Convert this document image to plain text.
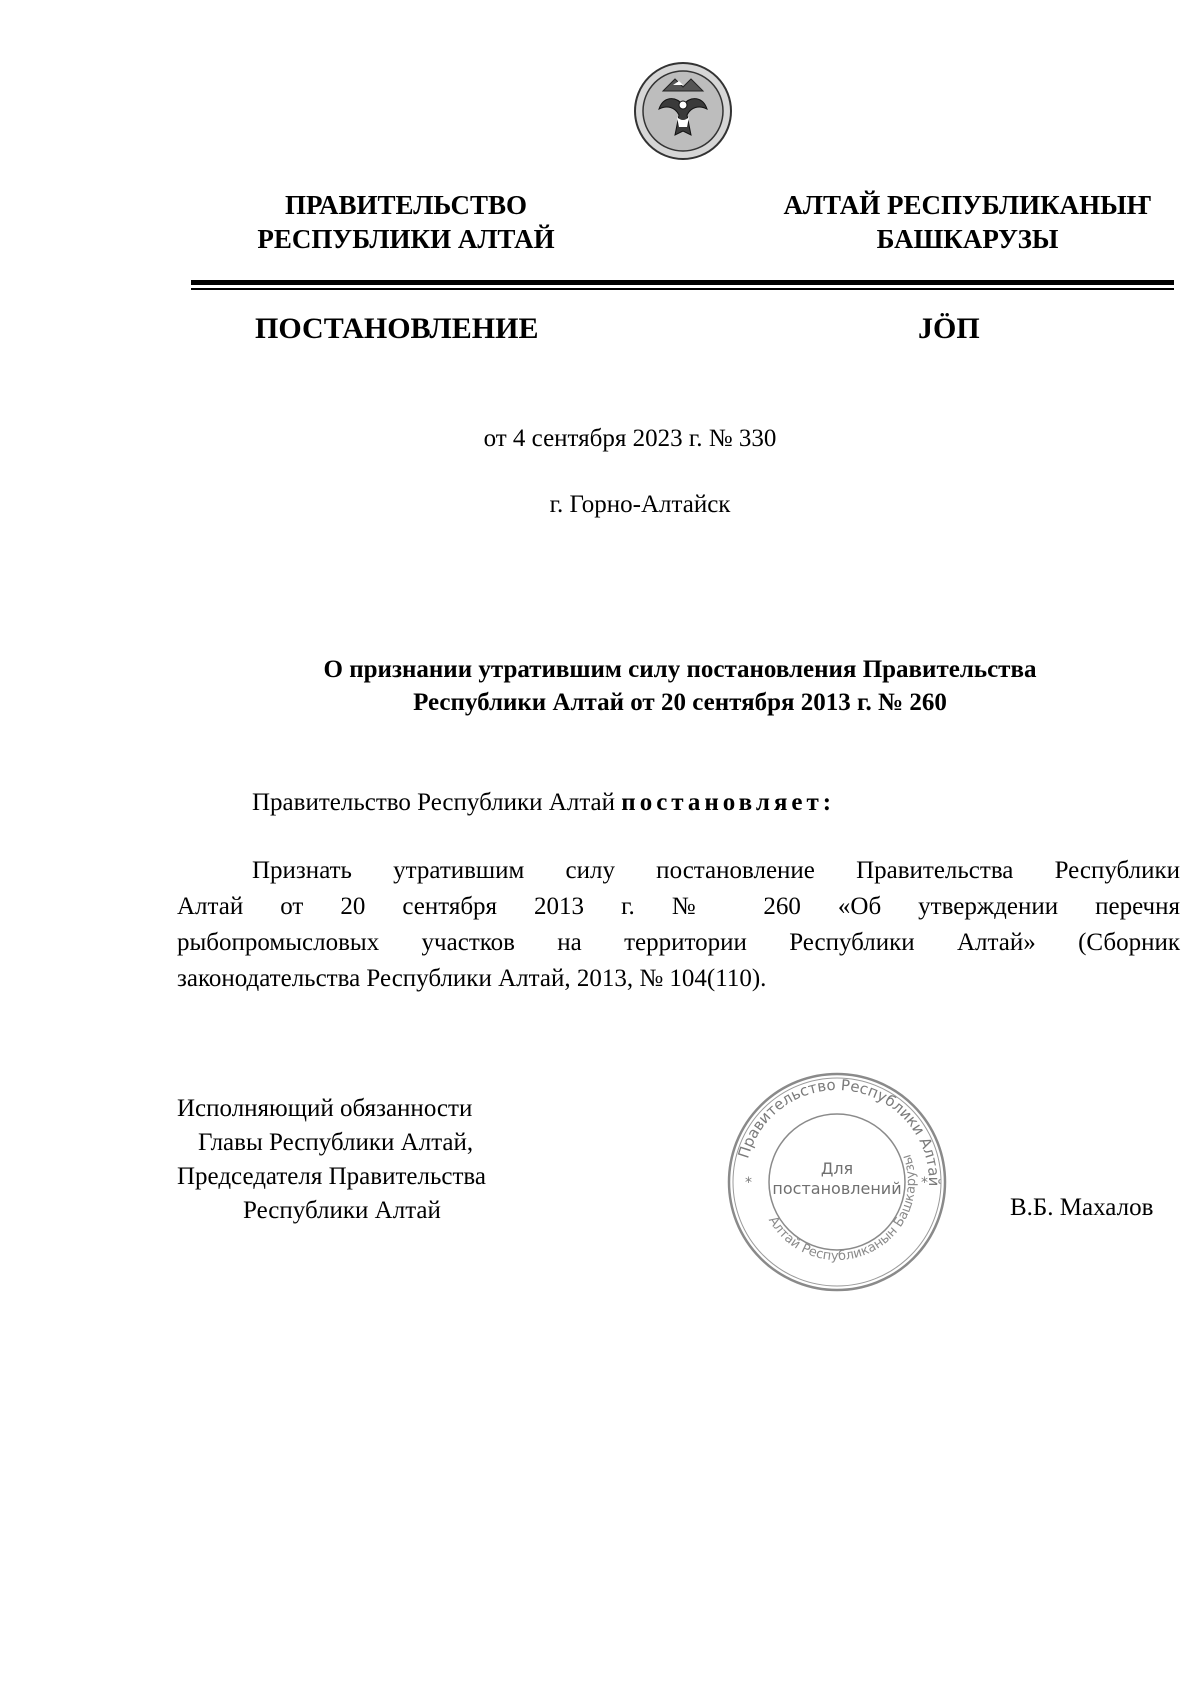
ПРАВИТЕЛЬСТВО
РЕСПУБЛИКИ АЛТАЙ
АЛТАЙ РЕСПУБЛИКАНЫҤ
БАШКАРУЗЫ
ПОСТАНОВЛЕНИЕ	JӦП
от 4 сентября 2023 г. № 330
г. Горно-Алтайск
О признании утратившим силу постановления Правительства
Республики Алтай от 20 сентября 2013 г. № 260
Правительство Республики Алтай постановляет:
Признать утратившим силу постановление Правительства Республики
Алтай от 20 сентября 2013 г. № 260 «Об утверждении перечня
рыбопромысловых участков на территории Республики Алтай» (Сборник
законодательства Республики Алтай, 2013, № 104(110).
Исполняющий обязанности
Главы Республики Алтай,
Председателя Правительства
Республики Алтай
Правительство Республики Алтай
Алтай Республиканын Башкарузы
*	*
Для
постановлений
В.Б. Махалов
